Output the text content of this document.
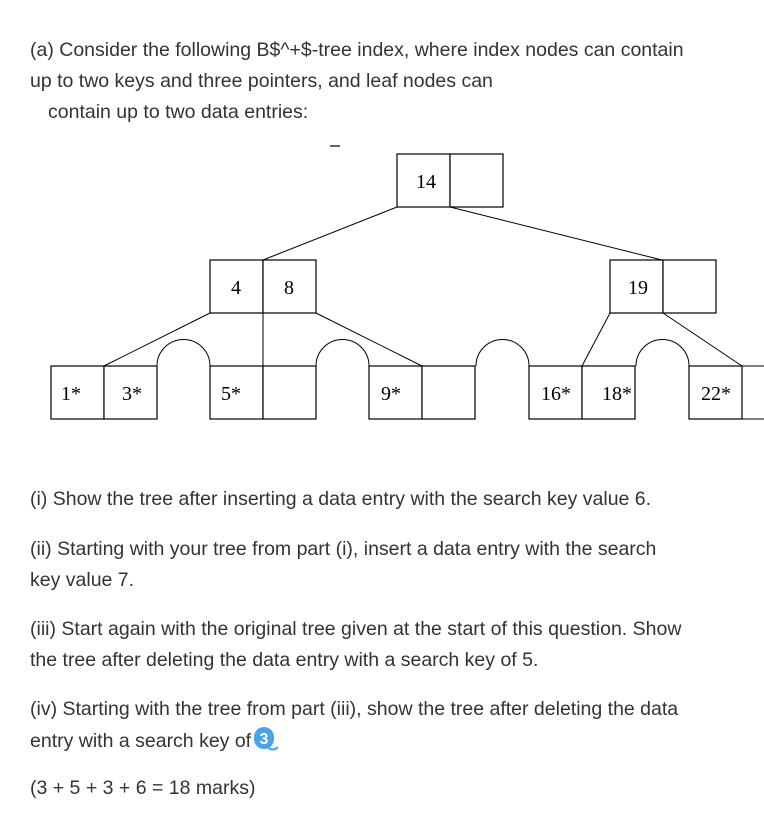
(a) Consider the following B$^+$-tree index, where index nodes can contain
up to two keys and three pointers, and leaf nodes can
contain up to two data entries:

14
4 8	19
1* 3*	5*	9*	16* 18*	22*

(i) Show the tree after inserting a data entry with the search key value 6.

(ii) Starting with your tree from part (i), insert a data entry with the search
key value 7.

(iii) Start again with the original tree given at the start of this question. Show
the tree after deleting the data entry with a search key of 5.

(iv) Starting with the tree from part (iii), show the tree after deleting the data
entry with a search key of 3

(3 + 5 + 3 + 6 = 18 marks)
